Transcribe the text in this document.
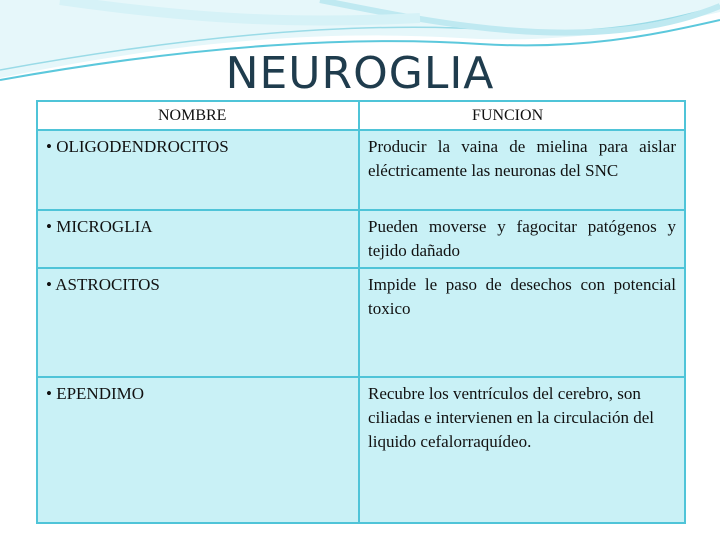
NEUROGLIA
NOMBRE	FUNCION
• OLIGODENDROCITOS	Producir la vaina de mielina para aislar eléctricamente las neuronas del SNC
• MICROGLIA	Pueden moverse y fagocitar patógenos y tejido dañado
• ASTROCITOS	Impide le paso de desechos con potencial toxico
• EPENDIMO	Recubre los ventrículos del cerebro, son ciliadas e intervienen en la circulación del liquido cefalorraquídeo.
